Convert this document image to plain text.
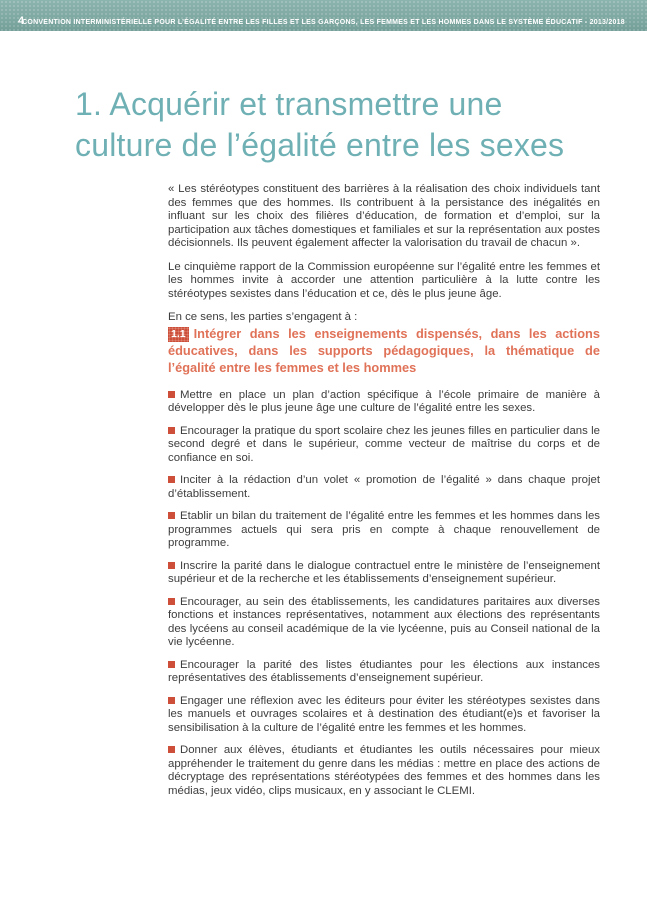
4
CONVENTION INTERMINISTÉRIELLE POUR L’ÉGALITÉ ENTRE LES FILLES ET LES GARÇONS, LES FEMMES ET LES HOMMES DANS LE SYSTÈME ÉDUCATIF - 2013/2018
1. Acquérir et transmettre une
culture de l’égalité entre les sexes

« Les stéréotypes constituent des barrières à la réalisation des choix individuels tant des femmes que des hommes. Ils contribuent à la persistance des inégalités en influant sur les choix des filières d’éducation, de formation et d’emploi, sur la participation aux tâches domestiques et familiales et sur la représentation aux postes décisionnels. Ils peuvent également affecter la valorisation du travail de chacun ».

Le cinquième rapport de la Commission européenne sur l’égalité entre les femmes et les hommes invite à accorder une attention particulière à la lutte contre les stéréotypes sexistes dans l’éducation et ce, dès le plus jeune âge.

En ce sens, les parties s’engagent à :

1.1 Intégrer dans les enseignements dispensés, dans les actions éducatives, dans les supports pédagogiques, la thématique de l’égalité entre les femmes et les hommes

Mettre en place un plan d’action spécifique à l’école primaire de manière à développer dès le plus jeune âge une culture de l’égalité entre les sexes.

Encourager la pratique du sport scolaire chez les jeunes filles en particulier dans le second degré et dans le supérieur, comme vecteur de maîtrise du corps et de confiance en soi.

Inciter à la rédaction d’un volet « promotion de l’égalité » dans chaque projet d’établissement.

Etablir un bilan du traitement de l’égalité entre les femmes et les hommes dans les programmes actuels qui sera pris en compte à chaque renouvellement de programme.

Inscrire la parité dans le dialogue contractuel entre le ministère de l’enseignement supérieur et de la recherche et les établissements d’enseignement supérieur.

Encourager, au sein des établissements, les candidatures paritaires aux diverses fonctions et instances représentatives, notamment aux élections des représentants des lycéens au conseil académique de la vie lycéenne, puis au Conseil national de la vie lycéenne.

Encourager la parité des listes étudiantes pour les élections aux instances représentatives des établissements d’enseignement supérieur.

Engager une réflexion avec les éditeurs pour éviter les stéréotypes sexistes dans les manuels et ouvrages scolaires et à destination des étudiant(e)s et favoriser la sensibilisation à la culture de l’égalité entre les femmes et les hommes.

Donner aux élèves, étudiants et étudiantes les outils nécessaires pour mieux appréhender le traitement du genre dans les médias : mettre en place des actions de décryptage des représentations stéréotypées des femmes et des hommes dans les médias, jeux vidéo, clips musicaux, en y associant le CLEMI.
